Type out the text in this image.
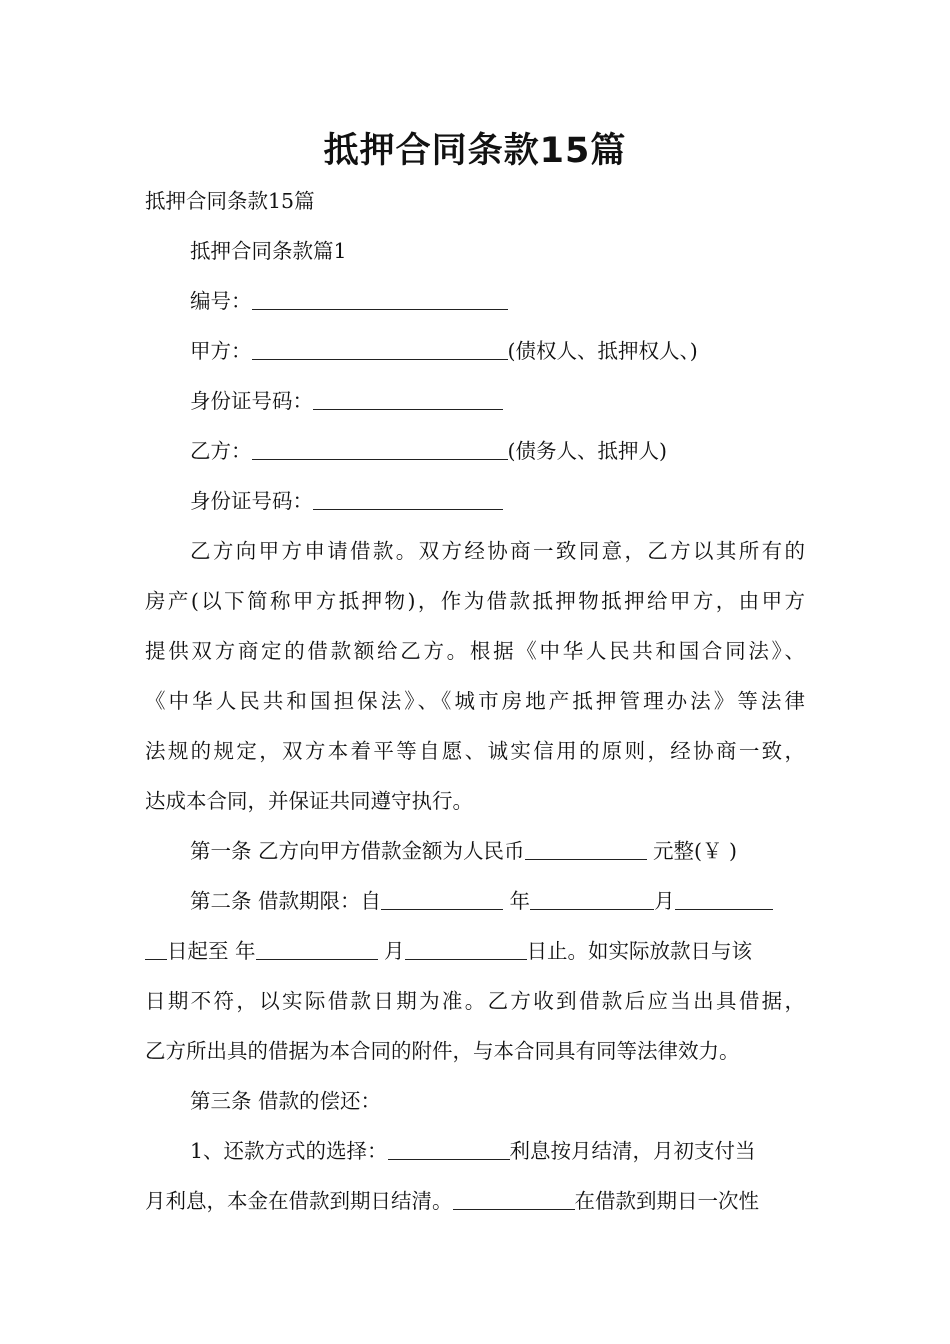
抵押合同条款15篇
抵押合同条款15篇
抵押合同条款篇1
编号：
甲方：	(债权人、抵押权人、)
身份证号码：
乙方：	(债务人、抵押人)
身份证号码：
乙方向甲方申请借款。双方经协商一致同意，乙方以其所有的
房产(以下简称甲方抵押物)，作为借款抵押物抵押给甲方，由甲方
提供双方商定的借款额给乙方。根据《中华人民共和国合同法》、
《中华人民共和国担保法》、《城市房地产抵押管理办法》等法律
法规的规定，双方本着平等自愿、诚实信用的原则，经协商一致，
达成本合同，并保证共同遵守执行。
第一条 乙方向甲方借款金额为人民币	元整(￥ )
第二条 借款期限：自	年	月
日起至 年	月	日止。如实际放款日与该
日期不符，以实际借款日期为准。乙方收到借款后应当出具借据，
乙方所出具的借据为本合同的附件，与本合同具有同等法律效力。
第三条 借款的偿还：
1、还款方式的选择：	利息按月结清，月初支付当
月利息，本金在借款到期日结清。	在借款到期日一次性
